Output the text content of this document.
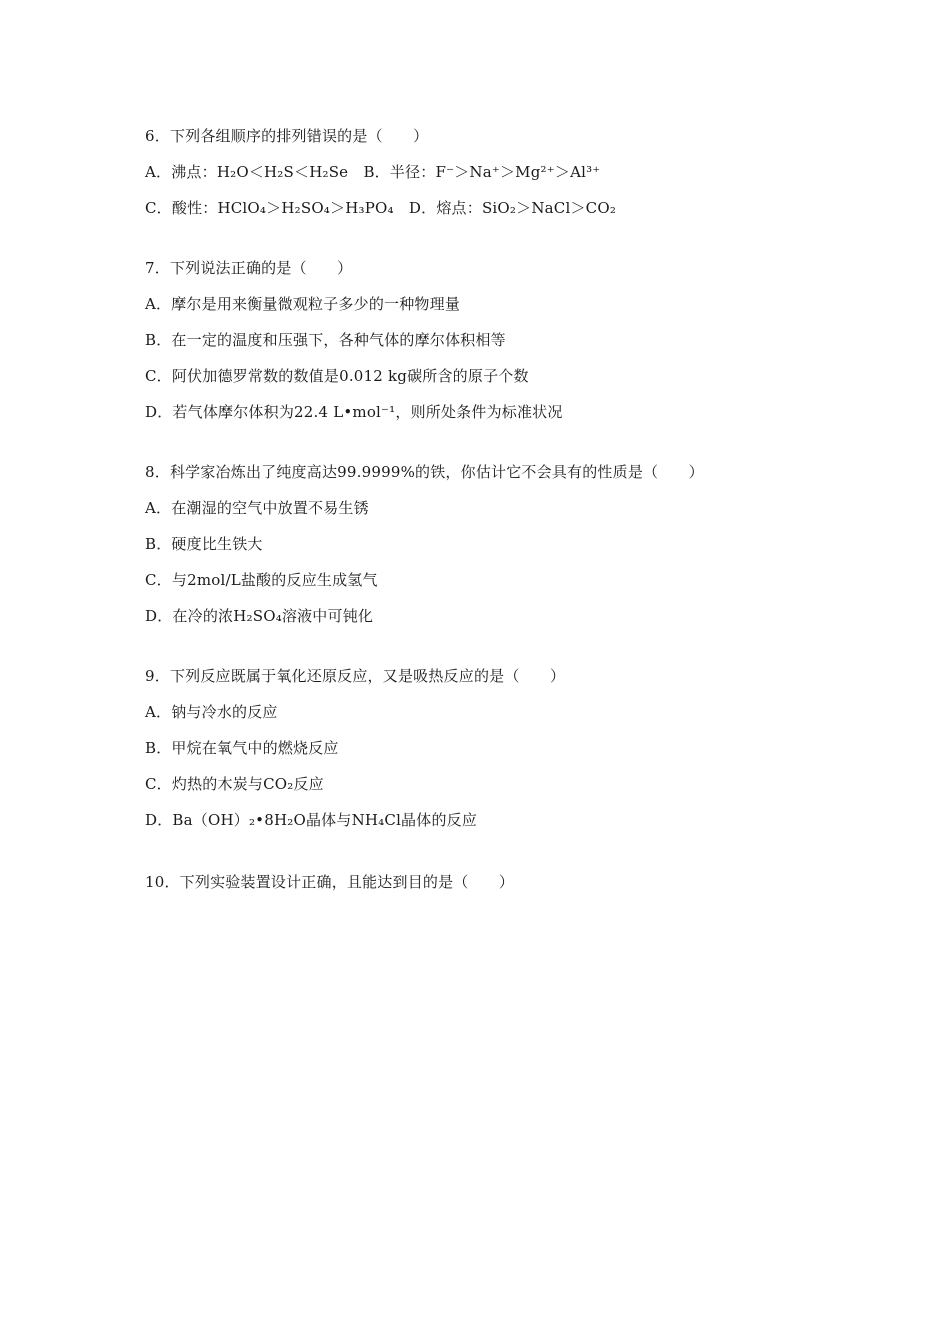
6．下列各组顺序的排列错误的是（　　）
A．沸点：H₂O＜H₂S＜H₂Se　B．半径：F⁻＞Na⁺＞Mg²⁺＞Al³⁺
C．酸性：HClO₄＞H₂SO₄＞H₃PO₄　D．熔点：SiO₂＞NaCl＞CO₂
7．下列说法正确的是（　　）
A．摩尔是用来衡量微观粒子多少的一种物理量
B．在一定的温度和压强下，各种气体的摩尔体积相等
C．阿伏加德罗常数的数值是0.012 kg碳所含的原子个数
D．若气体摩尔体积为22.4 L•mol⁻¹，则所处条件为标准状况
8．科学家冶炼出了纯度高达99.9999%的铁，你估计它不会具有的性质是（　　）
A．在潮湿的空气中放置不易生锈
B．硬度比生铁大
C．与2mol/L盐酸的反应生成氢气
D．在冷的浓H₂SO₄溶液中可钝化
9．下列反应既属于氧化还原反应，又是吸热反应的是（　　）
A．钠与冷水的反应
B．甲烷在氧气中的燃烧反应
C．灼热的木炭与CO₂反应
D．Ba（OH）₂•8H₂O晶体与NH₄Cl晶体的反应
10．下列实验装置设计正确，且能达到目的是（　　）
